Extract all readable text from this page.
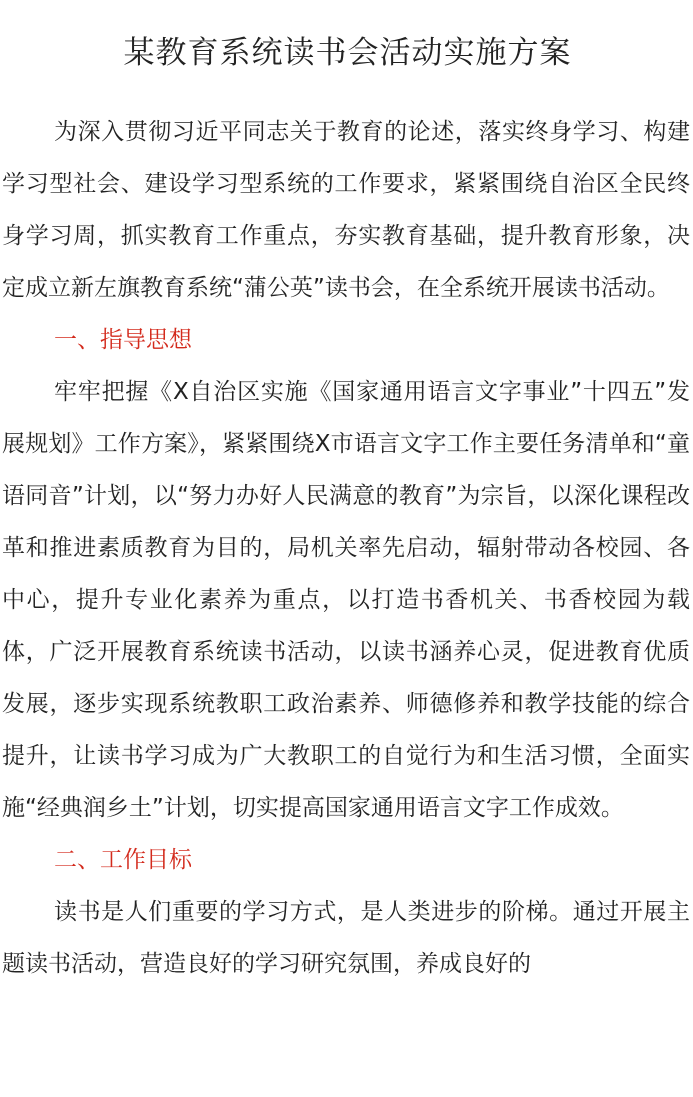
某教育系统读书会活动实施方案

为深入贯彻习近平同志关于教育的论述，落实终身学习、构建学习型社会、建设学习型系统的工作要求，紧紧围绕自治区全民终身学习周，抓实教育工作重点，夯实教育基础，提升教育形象，决定成立新左旗教育系统“蒲公英”读书会，在全系统开展读书活动。

一、指导思想

牢牢把握《X自治区实施《国家通用语言文字事业”十四五”发展规划》工作方案》，紧紧围绕X市语言文字工作主要任务清单和“童语同音”计划，以“努力办好人民满意的教育”为宗旨，以深化课程改革和推进素质教育为目的，局机关率先启动，辐射带动各校园、各中心，提升专业化素养为重点，以打造书香机关、书香校园为载体，广泛开展教育系统读书活动，以读书涵养心灵，促进教育优质发展，逐步实现系统教职工政治素养、师德修养和教学技能的综合提升，让读书学习成为广大教职工的自觉行为和生活习惯，全面实施“经典润乡土”计划，切实提高国家通用语言文字工作成效。

二、工作目标

读书是人们重要的学习方式，是人类进步的阶梯。通过开展主题读书活动，营造良好的学习研究氛围，养成良好的
